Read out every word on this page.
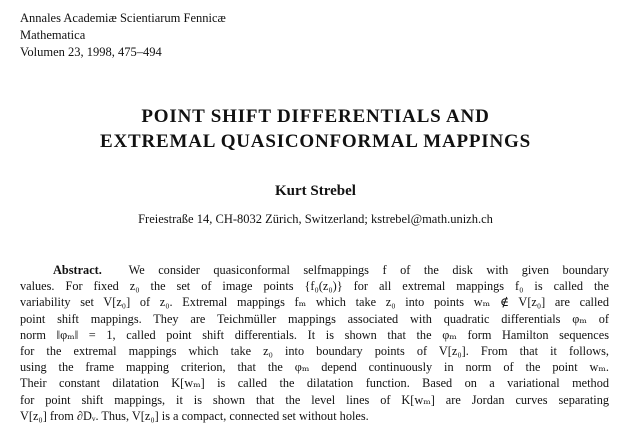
Annales Academiæ Scientiarum Fennicæ
Mathematica
Volumen 23, 1998, 475–494
POINT SHIFT DIFFERENTIALS AND
EXTREMAL QUASICONFORMAL MAPPINGS
Kurt Strebel
Freiestraße 14, CH-8032 Zürich, Switzerland; kstrebel@math.unizh.ch
Abstract. We consider quasiconformal selfmappings f of the disk with given boundary
values. For fixed z₀ the set of image points {f₀(z₀)} for all extremal mappings f₀ is called the
variability set V[z₀] of z₀. Extremal mappings fₘ which take z₀ into points wₘ ∉ V[z₀] are called
point shift mappings. They are Teichmüller mappings associated with quadratic differentials φₘ of
norm ‖φₘ‖ = 1, called point shift differentials. It is shown that the φₘ form Hamilton sequences
for the extremal mappings which take z₀ into boundary points of V[z₀]. From that it follows,
using the frame mapping criterion, that the φₘ depend continuously in norm of the point wₘ.
Their constant dilatation K[wₘ] is called the dilatation function. Based on a variational method
for point shift mappings, it is shown that the level lines of K[wₘ] are Jordan curves separating
V[z₀] from ∂Dᵥ. Thus, V[z₀] is a compact, connected set without holes.
